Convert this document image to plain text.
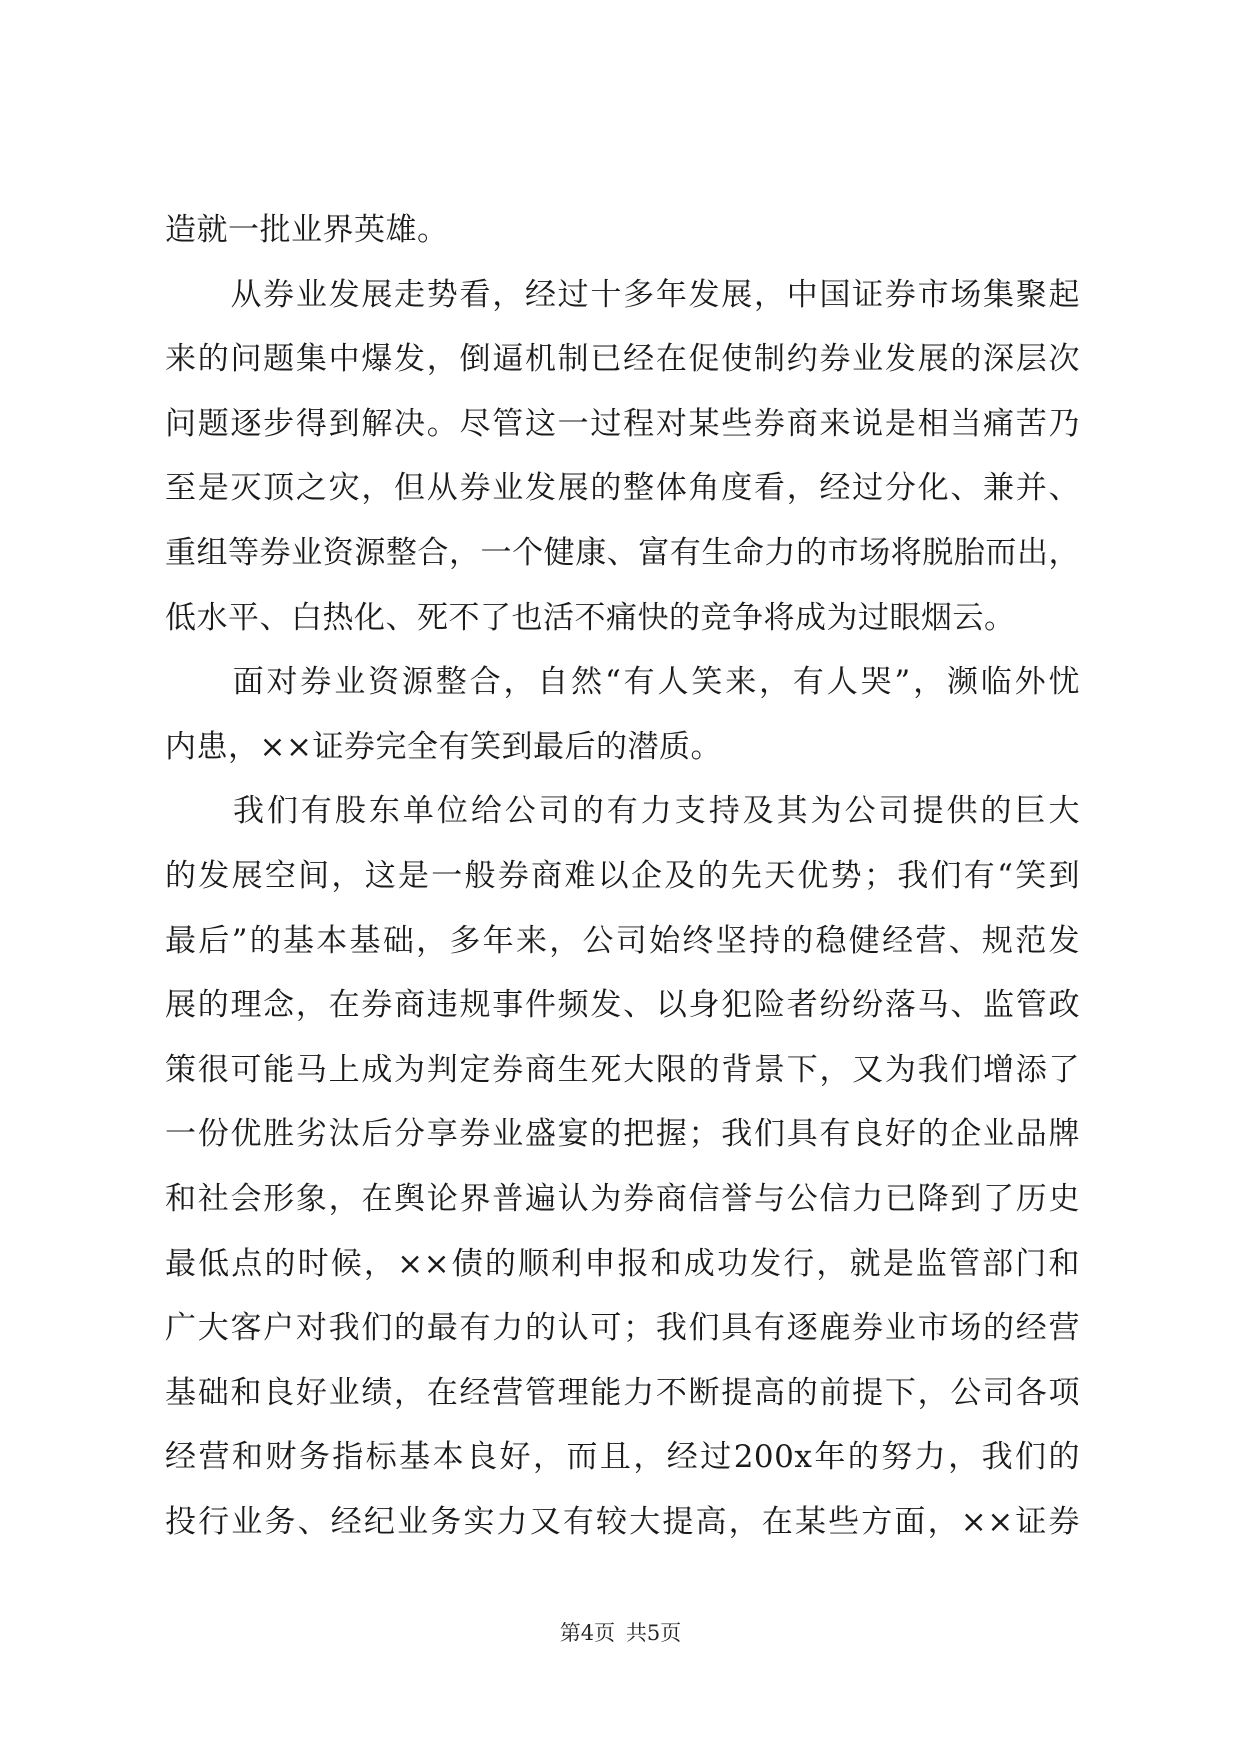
造就一批业界英雄。
　　从券业发展走势看，经过十多年发展，中国证券市场集聚起
来的问题集中爆发，倒逼机制已经在促使制约券业发展的深层次
问题逐步得到解决。尽管这一过程对某些券商来说是相当痛苦乃
至是灭顶之灾，但从券业发展的整体角度看，经过分化、兼并、
重组等券业资源整合，一个健康、富有生命力的市场将脱胎而出，
低水平、白热化、死不了也活不痛快的竞争将成为过眼烟云。
　　面对券业资源整合，自然“有人笑来，有人哭”，濒临外忧
内患，××证券完全有笑到最后的潜质。
　　我们有股东单位给公司的有力支持及其为公司提供的巨大
的发展空间，这是一般券商难以企及的先天优势；我们有“笑到
最后”的基本基础，多年来，公司始终坚持的稳健经营、规范发
展的理念，在券商违规事件频发、以身犯险者纷纷落马、监管政
策很可能马上成为判定券商生死大限的背景下，又为我们增添了
一份优胜劣汰后分享券业盛宴的把握；我们具有良好的企业品牌
和社会形象，在舆论界普遍认为券商信誉与公信力已降到了历史
最低点的时候，××债的顺利申报和成功发行，就是监管部门和
广大客户对我们的最有力的认可；我们具有逐鹿券业市场的经营
基础和良好业绩，在经营管理能力不断提高的前提下，公司各项
经营和财务指标基本良好，而且，经过200x年的努力，我们的
投行业务、经纪业务实力又有较大提高，在某些方面，××证券
第4页 共5页
